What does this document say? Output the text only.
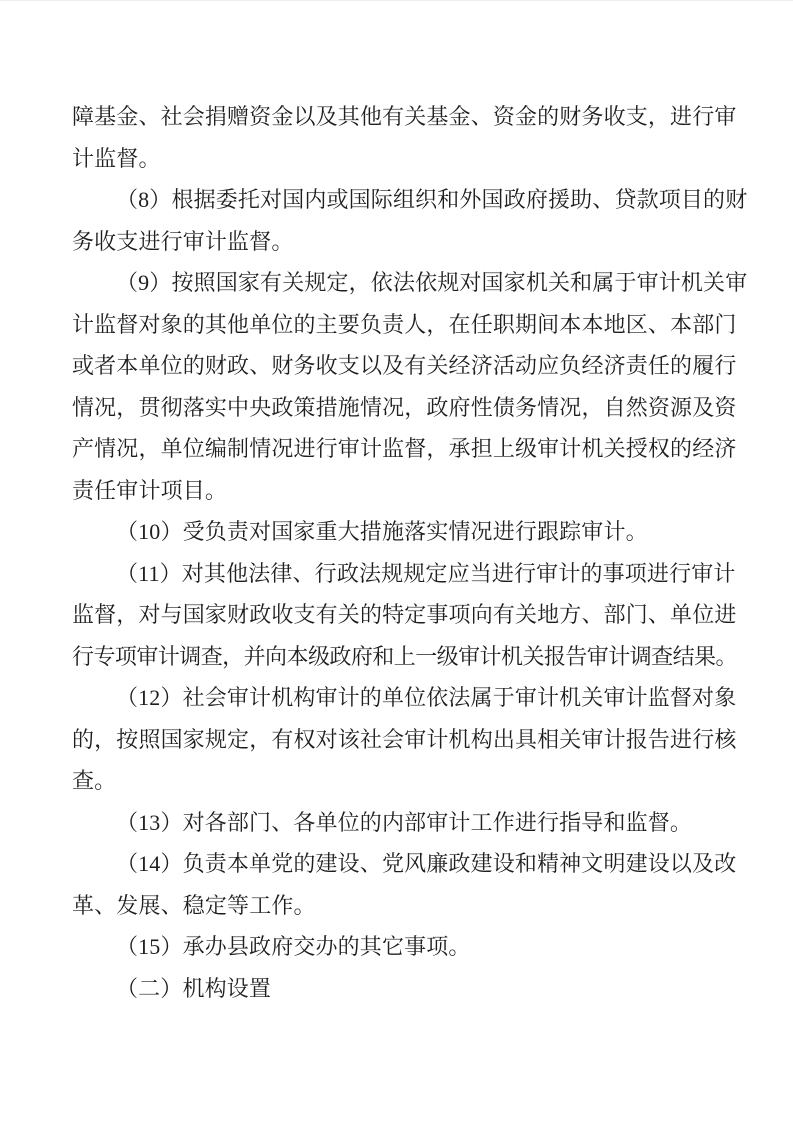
障基金、社会捐赠资金以及其他有关基金、资金的财务收支，进行审
计监督。

（8）根据委托对国内或国际组织和外国政府援助、贷款项目的财
务收支进行审计监督。

（9）按照国家有关规定，依法依规对国家机关和属于审计机关审
计监督对象的其他单位的主要负责人，在任职期间本本地区、本部门
或者本单位的财政、财务收支以及有关经济活动应负经济责任的履行
情况，贯彻落实中央政策措施情况，政府性债务情况，自然资源及资
产情况，单位编制情况进行审计监督，承担上级审计机关授权的经济
责任审计项目。

（10）受负责对国家重大措施落实情况进行跟踪审计。

（11）对其他法律、行政法规规定应当进行审计的事项进行审计
监督，对与国家财政收支有关的特定事项向有关地方、部门、单位进
行专项审计调查，并向本级政府和上一级审计机关报告审计调查结果。

（12）社会审计机构审计的单位依法属于审计机关审计监督对象
的，按照国家规定，有权对该社会审计机构出具相关审计报告进行核
查。

（13）对各部门、各单位的内部审计工作进行指导和监督。

（14）负责本单党的建设、党风廉政建设和精神文明建设以及改
革、发展、稳定等工作。

（15）承办县政府交办的其它事项。

（二）机构设置
